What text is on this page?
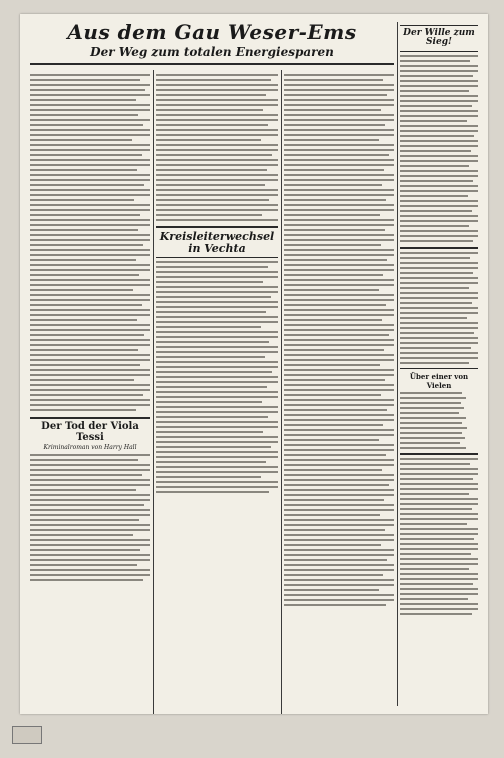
Aus dem Gau Weser-Ems
Der Weg zum totalen Energiesparen
Der Tod der Viola Tessi
Kriminalroman von Harry Hall
Kreisleiterwechsel in Vechta
Der Wille zum Sieg!
Über einer von Vielen
